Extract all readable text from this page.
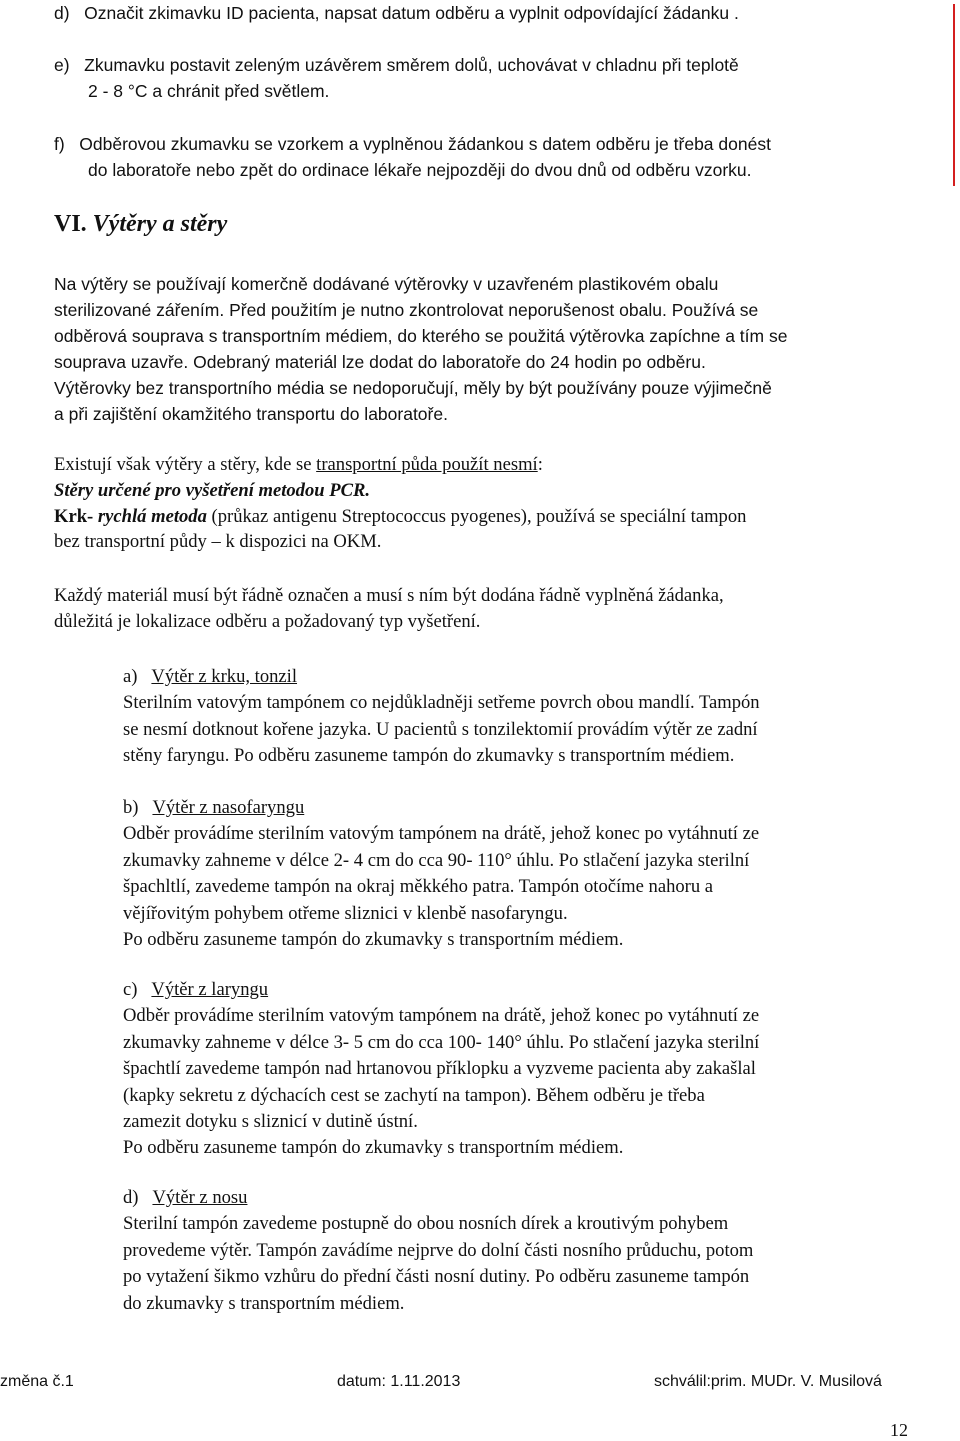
d) Označit zkimavku ID pacienta, napsat datum odběru a vyplnit odpovídající žádanku .
e) Zkumavku postavit zeleným uzávěrem směrem dolů, uchovávat v chladnu při teplotě
2 - 8 °C a chránit před světlem.
f) Odběrovou zkumavku se vzorkem a vyplněnou žádankou s datem odběru je třeba donést
do laboratoře nebo zpět do ordinace lékaře nejpozději do dvou dnů od odběru vzorku.
VI. Výtěry a stěry
Na výtěry se používají komerčně dodávané výtěrovky v uzavřeném plastikovém obalu
sterilizované zářením. Před použitím je nutno zkontrolovat neporušenost obalu. Používá se
odběrová souprava s transportním médiem, do kterého se použitá výtěrovka zapíchne a tím se
souprava uzavře. Odebraný materiál lze dodat do laboratoře do 24 hodin po odběru.
Výtěrovky bez transportního média se nedoporučují, měly by být používány pouze výjimečně
a při zajištění okamžitého transportu do laboratoře.
Existují však výtěry a stěry, kde se transportní půda použít nesmí:
Stěry určené pro vyšetření metodou PCR.
Krk- rychlá metoda (průkaz antigenu Streptococcus pyogenes), používá se speciální tampon
bez transportní půdy – k dispozici na OKM.
Každý materiál musí být řádně označen a musí s ním být dodána řádně vyplněná žádanka,
důležitá je lokalizace odběru a požadovaný typ vyšetření.
a) Výtěr z krku, tonzil
Sterilním vatovým tampónem co nejdůkladněji setřeme povrch obou mandlí. Tampón
se nesmí dotknout kořene jazyka. U pacientů s tonzilektomií provádím výtěr ze zadní
stěny faryngu. Po odběru zasuneme tampón do zkumavky s transportním médiem.
b) Výtěr z nasofaryngu
Odběr provádíme sterilním vatovým tampónem na drátě, jehož konec po vytáhnutí ze
zkumavky zahneme v délce 2- 4 cm do cca 90- 110° úhlu. Po stlačení jazyka sterilní
špachltlí, zavedeme tampón na okraj měkkého patra. Tampón otočíme nahoru a
vějířovitým pohybem otřeme sliznici v klenbě nasofaryngu.
Po odběru zasuneme tampón do zkumavky s transportním médiem.
c) Výtěr z laryngu
Odběr provádíme sterilním vatovým tampónem na drátě, jehož konec po vytáhnutí ze
zkumavky zahneme v délce 3- 5 cm do cca 100- 140° úhlu. Po stlačení jazyka sterilní
špachtlí zavedeme tampón nad hrtanovou příklopku a vyzveme pacienta aby zakašlal
(kapky sekretu z dýchacích cest se zachytí na tampon). Během odběru je třeba
zamezit dotyku s sliznicí v dutině ústní.
Po odběru zasuneme tampón do zkumavky s transportním médiem.
d) Výtěr z nosu
Sterilní tampón zavedeme postupně do obou nosních dírek a kroutivým pohybem
provedeme výtěr. Tampón zavádíme nejprve do dolní části nosního průduchu, potom
po vytažení šikmo vzhůru do přední části nosní dutiny. Po odběru zasuneme tampón
do zkumavky s transportním médiem.
změna č.1	datum: 1.11.2013	schválil:prim. MUDr. V. Musilová
12
